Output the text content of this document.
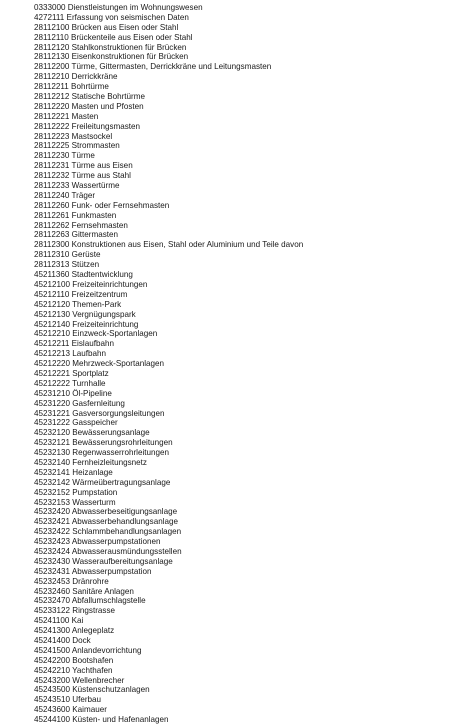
0333000 Dienstleistungen im Wohnungswesen
4272111 Erfassung von seismischen Daten
28112100 Brücken aus Eisen oder Stahl
28112110 Brückenteile aus Eisen oder Stahl
28112120 Stahlkonstruktionen für Brücken
28112130 Eisenkonstruktionen für Brücken
28112200 Türme, Gittermasten, Derrickkräne und Leitungsmasten
28112210 Derrickkräne
28112211 Bohrtürme
28112212 Statische Bohrtürme
28112220 Masten und Pfosten
28112221 Masten
28112222 Freileitungsmasten
28112223 Mastsockel
28112225 Strommasten
28112230 Türme
28112231 Türme aus Eisen
28112232 Türme aus Stahl
28112233 Wassertürme
28112240 Träger
28112260 Funk- oder Fernsehmasten
28112261 Funkmasten
28112262 Fernsehmasten
28112263 Gittermasten
28112300 Konstruktionen aus Eisen, Stahl oder Aluminium und Teile davon
28112310 Gerüste
28112313 Stützen
45211360 Stadtentwicklung
45212100 Freizeiteinrichtungen
45212110 Freizeitzentrum
45212120 Themen-Park
45212130 Vergnügungspark
45212140 Freizeiteinrichtung
45212210 Einzweck-Sportanlagen
45212211 Eislaufbahn
45212213 Laufbahn
45212220 Mehrzweck-Sportanlagen
45212221 Sportplatz
45212222 Turnhalle
45231210 Öl-Pipeline
45231220 Gasfernleitung
45231221 Gasversorgungsleitungen
45231222 Gasspeicher
45232120 Bewässerungsanlage
45232121 Bewässerungsrohrleitungen
45232130 Regenwasserrohrleitungen
45232140 Fernheizleitungsnetz
45232141 Heizanlage
45232142 Wärmeübertragungsanlage
45232152 Pumpstation
45232153 Wasserturm
45232420 Abwasserbeseitigungsanlage
45232421 Abwasserbehandlungsanlage
45232422 Schlammbehandlungsanlagen
45232423 Abwasserpumpstationen
45232424 Abwasserausmündungsstellen
45232430 Wasseraufbereitungsanlage
45232431 Abwasserpumpstation
45232453 Dränrohre
45232460 Sanitäre Anlagen
45232470 Abfallumschlagstelle
45233122 Ringstrasse
45241100 Kai
45241300 Anlegeplatz
45241400 Dock
45241500 Anlandevorrichtung
45242200 Bootshafen
45242210 Yachthafen
45243200 Wellenbrecher
45243500 Küstenschutzanlagen
45243510 Uferbau
45243600 Kaimauer
45244100 Küsten- und Hafenanlagen
